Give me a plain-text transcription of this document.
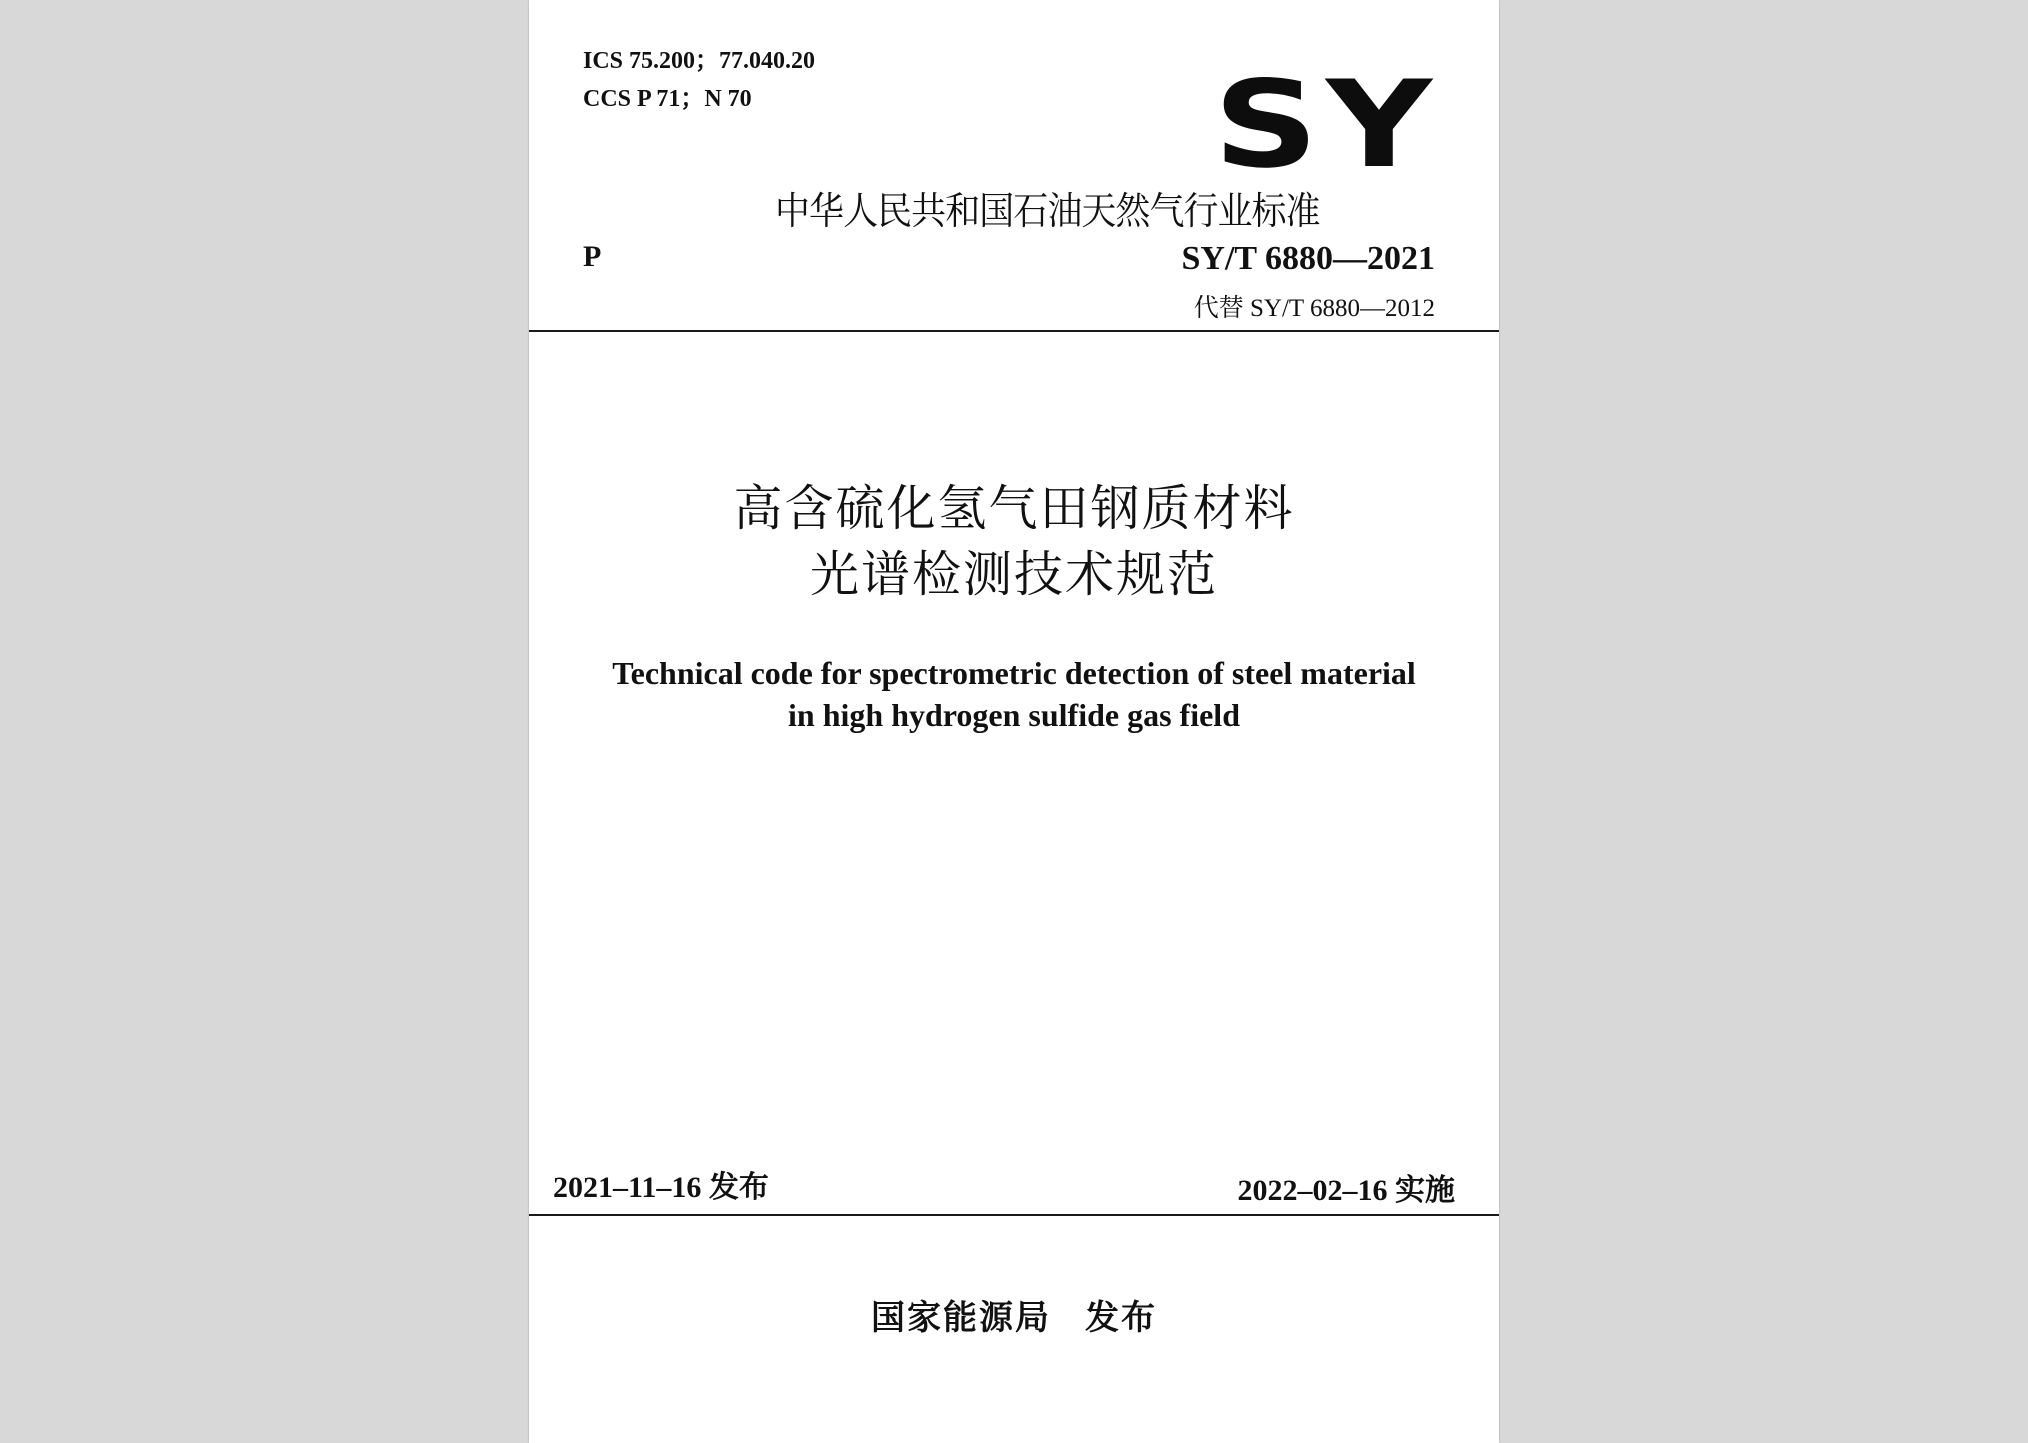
ICS 75.200；77.040.20
CCS P 71；N 70	SY
中华人民共和国石油天然气行业标准
P	SY/T 6880—2021
代替 SY/T 6880—2012
高含硫化氢气田钢质材料
光谱检测技术规范
Technical code for spectrometric detection of steel material
in high hydrogen sulfide gas field
2021–11–16 发布	2022–02–16 实施
国家能源局 发布
